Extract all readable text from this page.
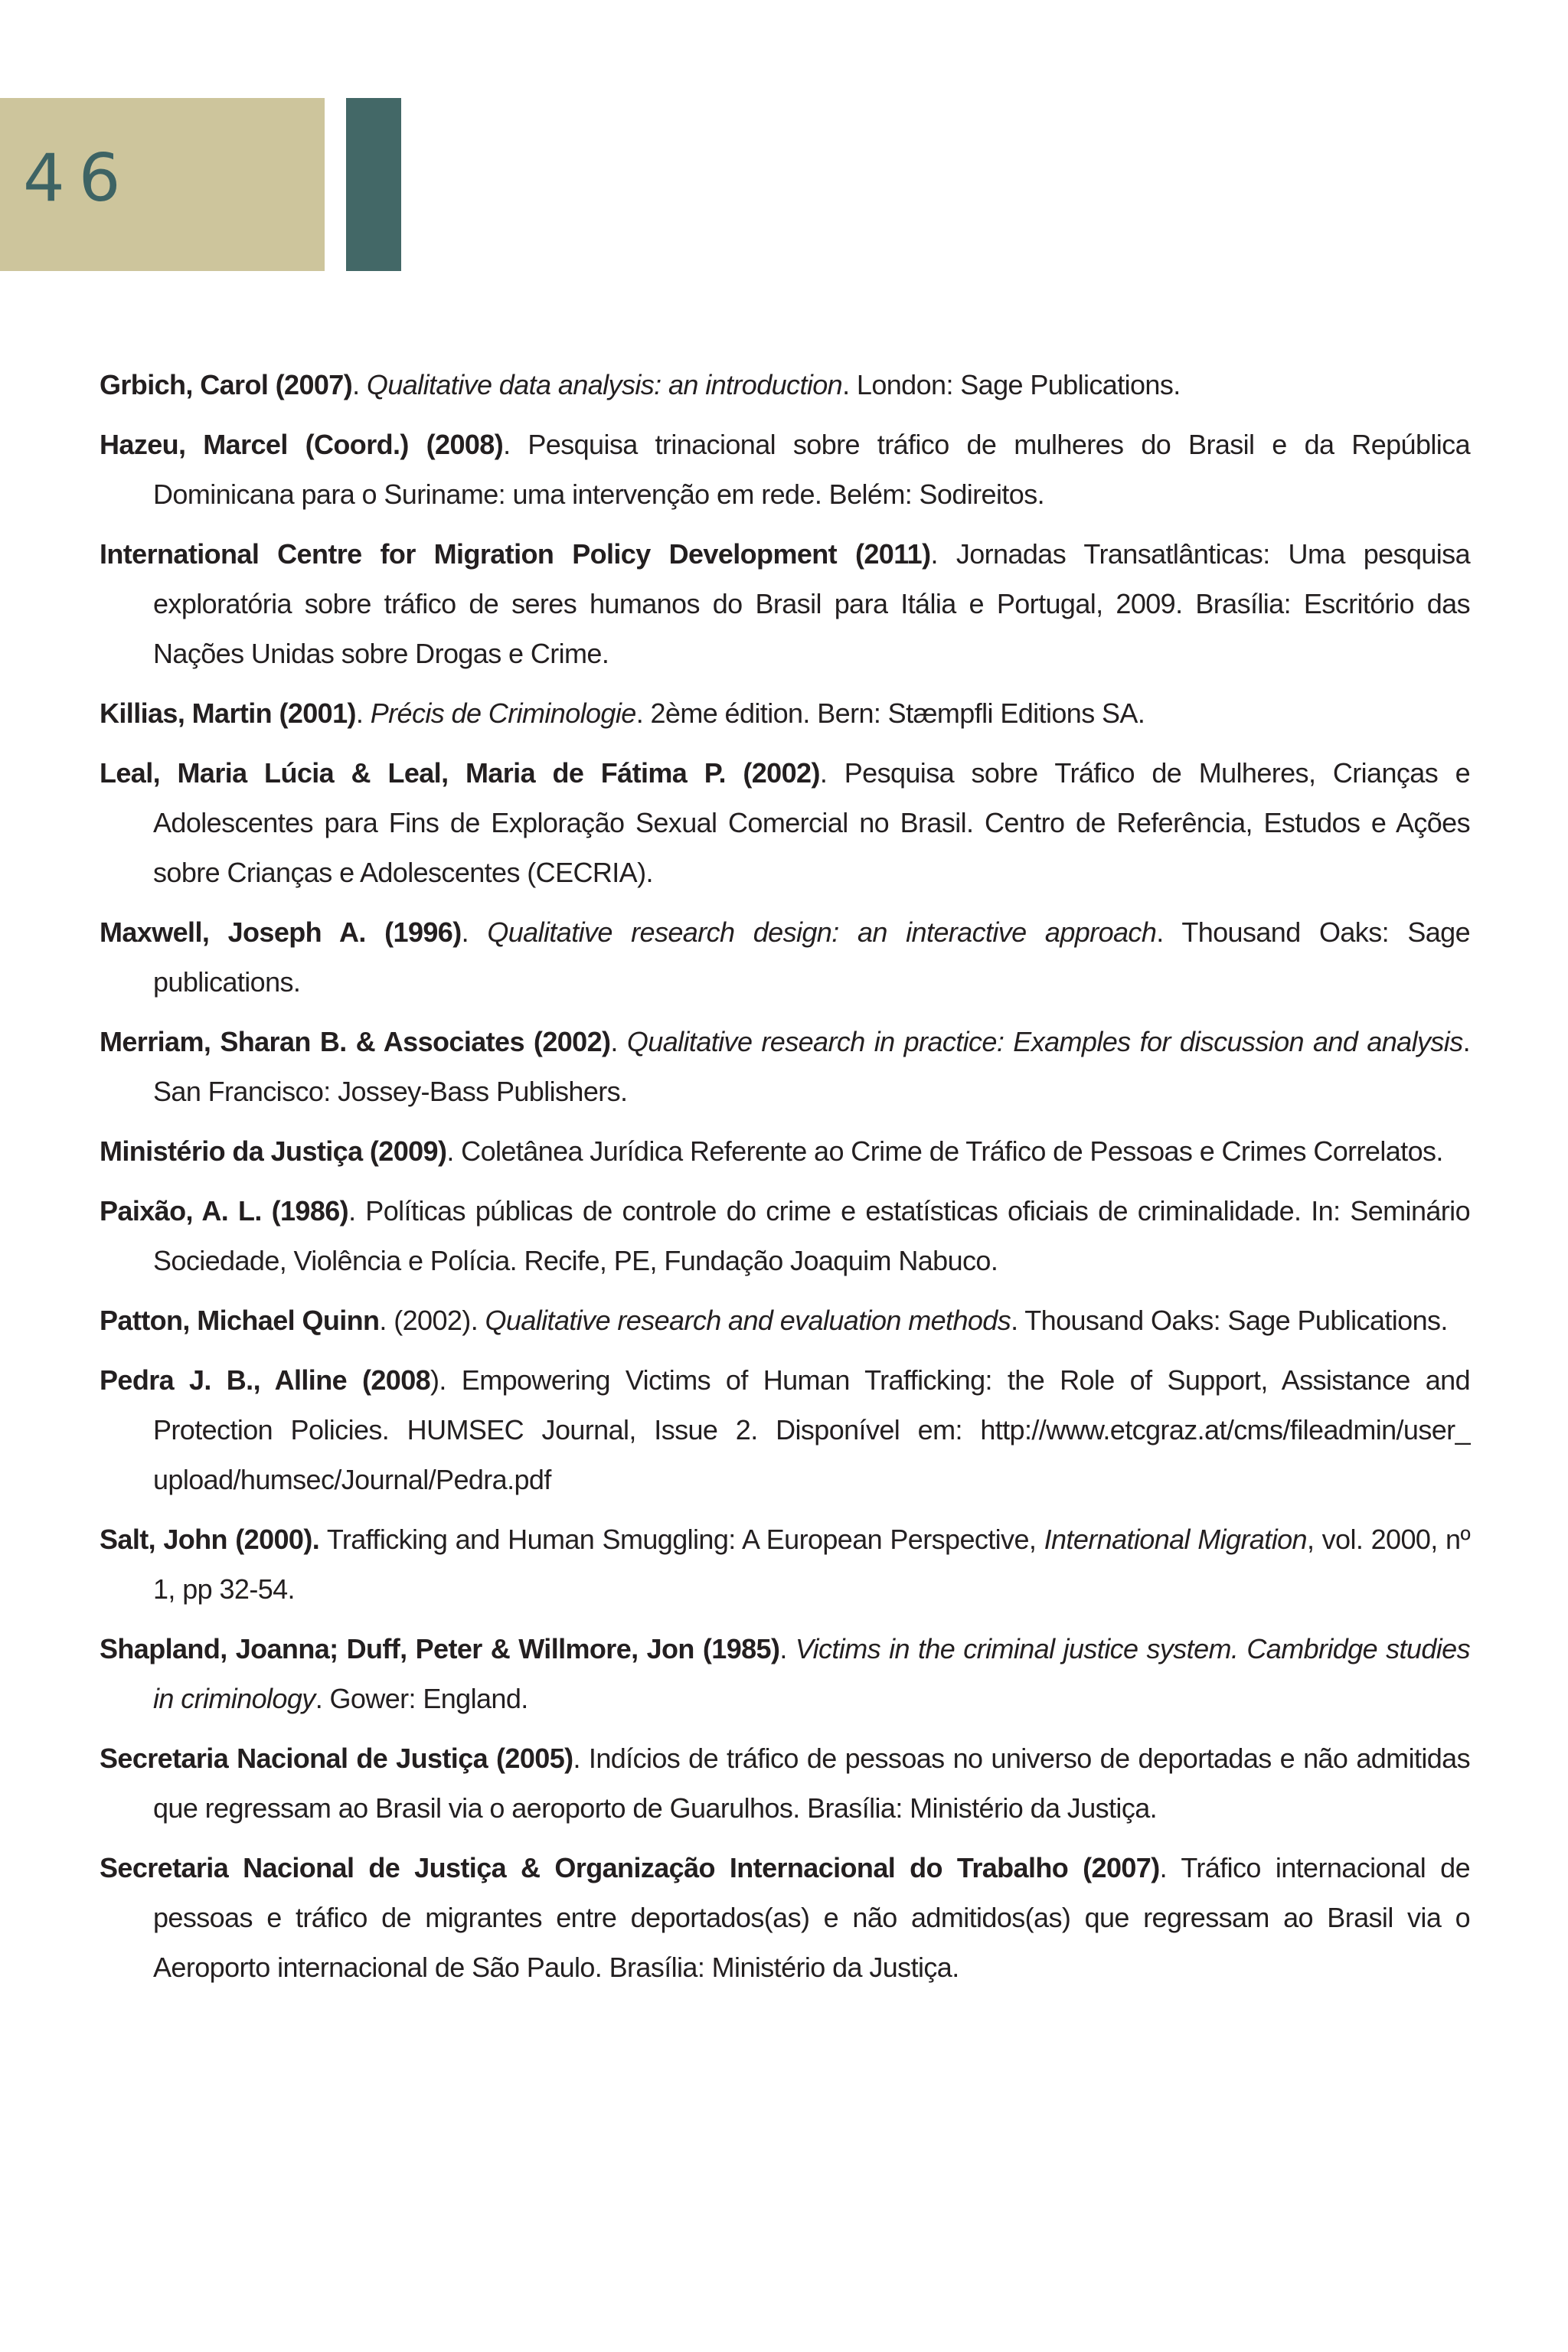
46

Grbich, Carol (2007). Qualitative data analysis: an introduction. London: Sage Publications.

Hazeu, Marcel (Coord.) (2008). Pesquisa trinacional sobre tráfico de mulheres do Brasil e da República Dominicana para o Suriname: uma intervenção em rede. Belém: Sodireitos.

International Centre for Migration Policy Development (2011). Jornadas Transatlânticas: Uma pesquisa exploratória sobre tráfico de seres humanos do Brasil para Itália e Portugal, 2009. Brasília: Escritório das Nações Unidas sobre Drogas e Crime.

Killias, Martin (2001). Précis de Criminologie. 2ème édition. Bern: Stæmpfli Editions SA.

Leal, Maria Lúcia & Leal, Maria de Fátima P. (2002). Pesquisa sobre Tráfico de Mulheres, Crianças e Adolescentes para Fins de Exploração Sexual Comercial no Brasil. Centro de Referência, Estudos e Ações sobre Crianças e Adolescentes (CECRIA).

Maxwell, Joseph A. (1996). Qualitative research design: an interactive approach. Thousand Oaks: Sage publications.

Merriam, Sharan B. & Associates (2002). Qualitative research in practice: Examples for discussion and analysis. San Francisco: Jossey-Bass Publishers.

Ministério da Justiça (2009). Coletânea Jurídica Referente ao Crime de Tráfico de Pessoas e Crimes Correlatos.

Paixão, A. L. (1986). Políticas públicas de controle do crime e estatísticas oficiais de criminalidade. In: Seminário Sociedade, Violência e Polícia. Recife, PE, Fundação Joaquim Nabuco.

Patton, Michael Quinn. (2002). Qualitative research and evaluation methods. Thousand Oaks: Sage Publications.

Pedra J. B., Alline (2008). Empowering Victims of Human Trafficking: the Role of Support, Assistance and Protection Policies. HUMSEC Journal, Issue 2. Disponível em: http://www.etcgraz.at/cms/fileadmin/user_ upload/humsec/Journal/Pedra.pdf

Salt, John (2000). Trafficking and Human Smuggling: A European Perspective, International Migration, vol. 2000, nº 1, pp 32-54.

Shapland, Joanna; Duff, Peter & Willmore, Jon (1985). Victims in the criminal justice system. Cambridge studies in criminology. Gower: England.

Secretaria Nacional de Justiça (2005). Indícios de tráfico de pessoas no universo de deportadas e não admitidas que regressam ao Brasil via o aeroporto de Guarulhos. Brasília: Ministério da Justiça.

Secretaria Nacional de Justiça & Organização Internacional do Trabalho (2007). Tráfico internacional de pessoas e tráfico de migrantes entre deportados(as) e não admitidos(as) que regressam ao Brasil via o Aeroporto internacional de São Paulo. Brasília: Ministério da Justiça.
